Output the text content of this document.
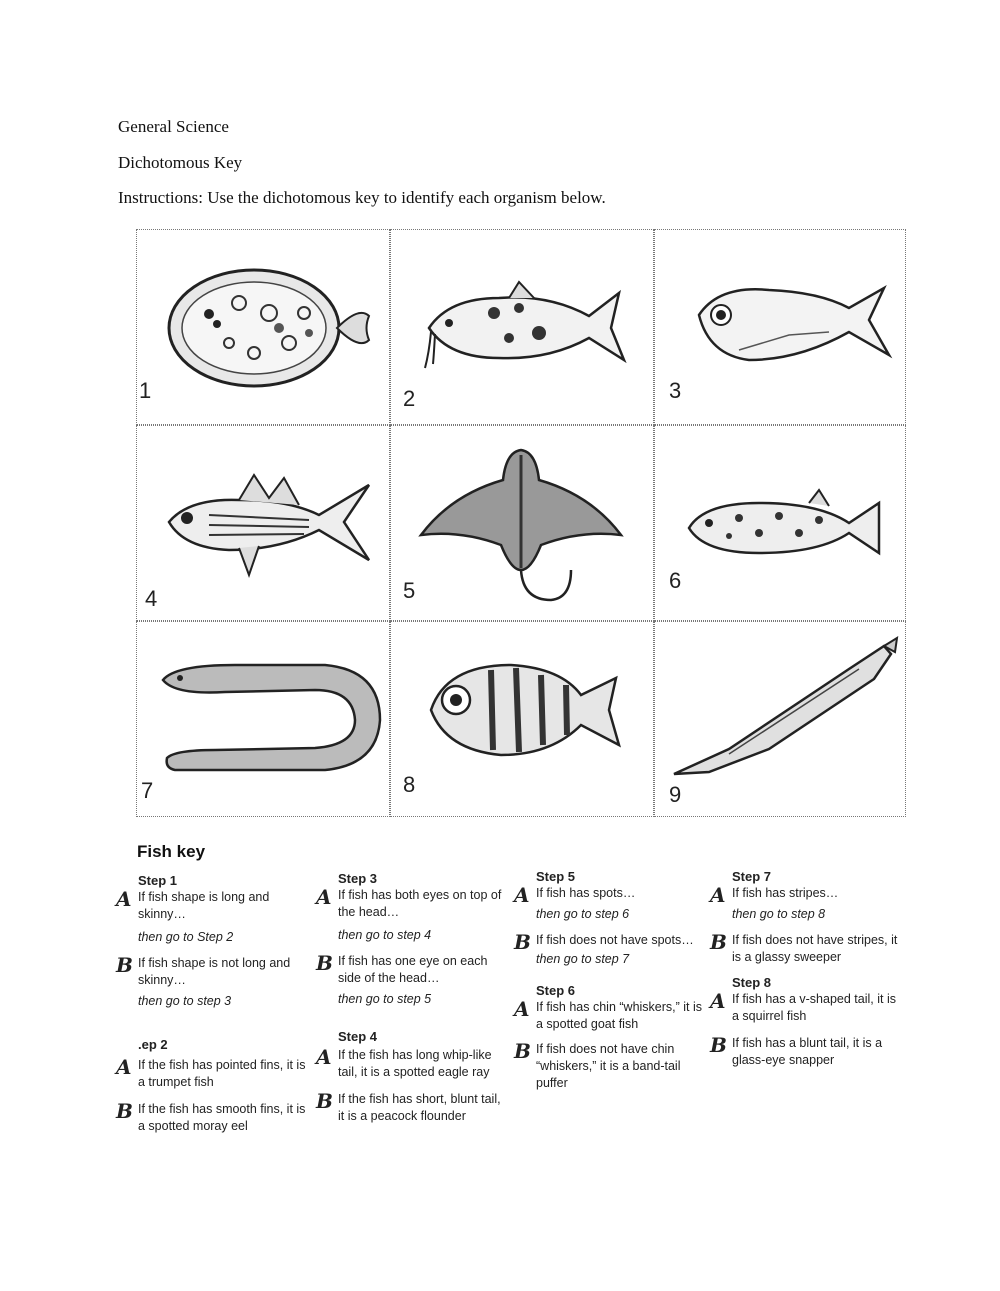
General Science
Dichotomous Key
Instructions: Use the dichotomous key to identify each organism below.
1	2	3
4	5	6
7	8	9
Fish key
Step 1
A If fish shape is long and skinny…
then go to Step 2
B If fish shape is not long and skinny…
then go to step 3
.ep 2
A If the fish has pointed fins, it is a trumpet fish
B If the fish has smooth fins, it is a spotted moray eel
Step 3
A If fish has both eyes on top of the head…
then go to step 4
B If fish has one eye on each side of the head…
then go to step 5
Step 4
A If the fish has long whip-like tail, it is a spotted eagle ray
B If the fish has short, blunt tail, it is a peacock flounder
Step 5
A If fish has spots…
then go to step 6
B If fish does not have spots…
then go to step 7
Step 6
A If fish has chin “whiskers,” it is a spotted goat fish
B If fish does not have chin “whiskers,” it is a band-tail puffer
Step 7
A If fish has stripes…
then go to step 8
B If fish does not have stripes, it is a glassy sweeper
Step 8
A If fish has a v-shaped tail, it is a squirrel fish
B If fish has a blunt tail, it is a glass-eye snapper
